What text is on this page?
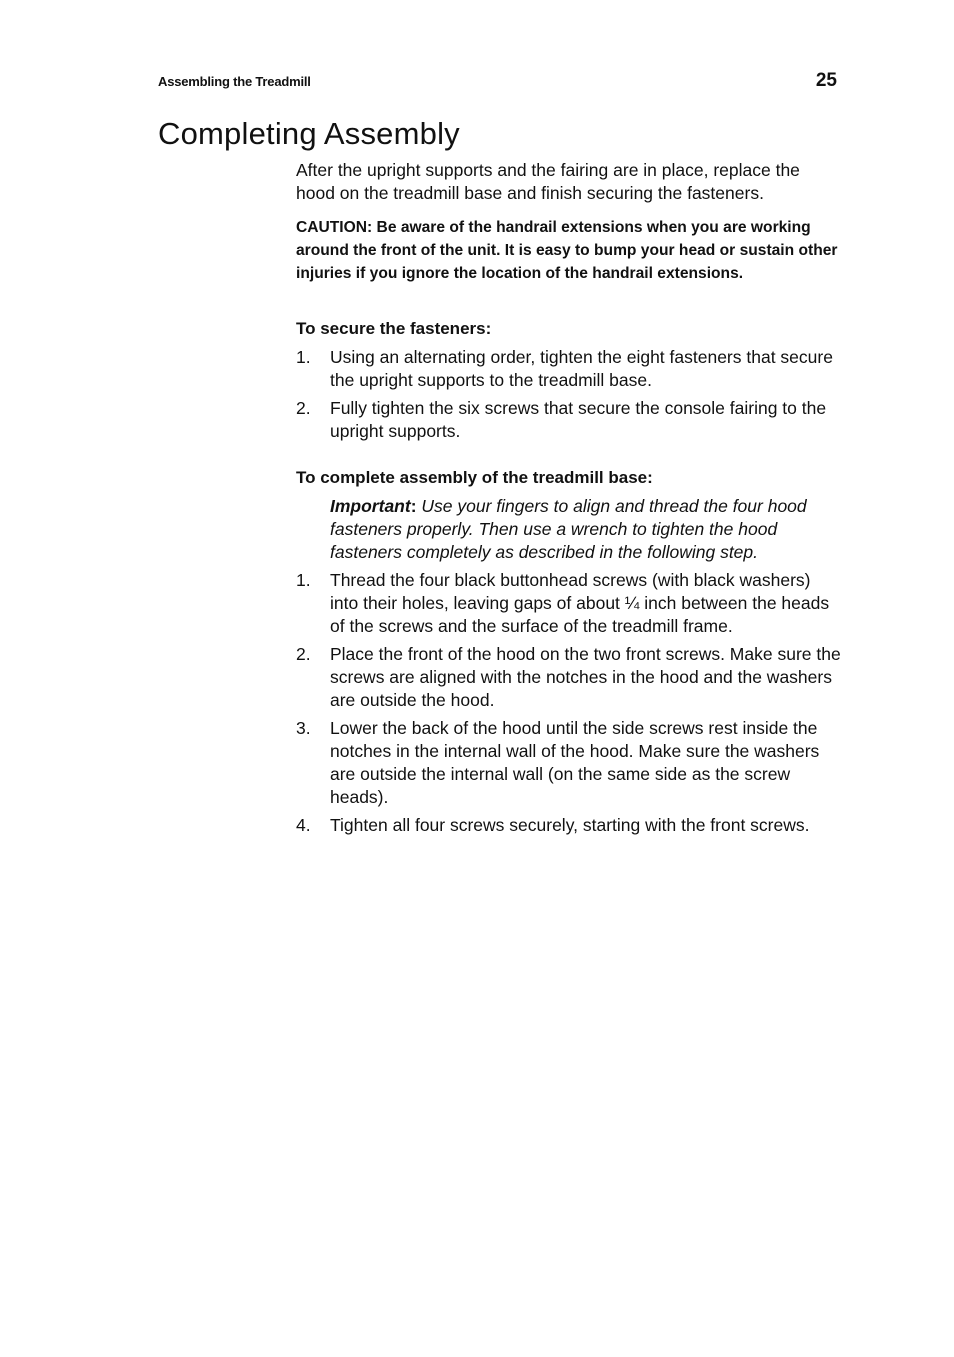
Assembling the Treadmill	25
Completing Assembly

After the upright supports and the fairing are in place, replace the hood on the treadmill base and finish securing the fasteners.

CAUTION: Be aware of the handrail extensions when you are working around the front of the unit. It is easy to bump your head or sustain other injuries if you ignore the location of the handrail extensions.

To secure the fasteners:

1.	Using an alternating order, tighten the eight fasteners that secure the upright supports to the treadmill base.
2.	Fully tighten the six screws that secure the console fairing to the upright supports.

To complete assembly of the treadmill base:

Important: Use your fingers to align and thread the four hood fasteners properly. Then use a wrench to tighten the hood fasteners completely as described in the following step.

1.	Thread the four black buttonhead screws (with black washers) into their holes, leaving gaps of about ¼ inch between the heads of the screws and the surface of the treadmill frame.
2.	Place the front of the hood on the two front screws. Make sure the screws are aligned with the notches in the hood and the washers are outside the hood.
3.	Lower the back of the hood until the side screws rest inside the notches in the internal wall of the hood. Make sure the washers are outside the internal wall (on the same side as the screw heads).
4.	Tighten all four screws securely, starting with the front screws.
